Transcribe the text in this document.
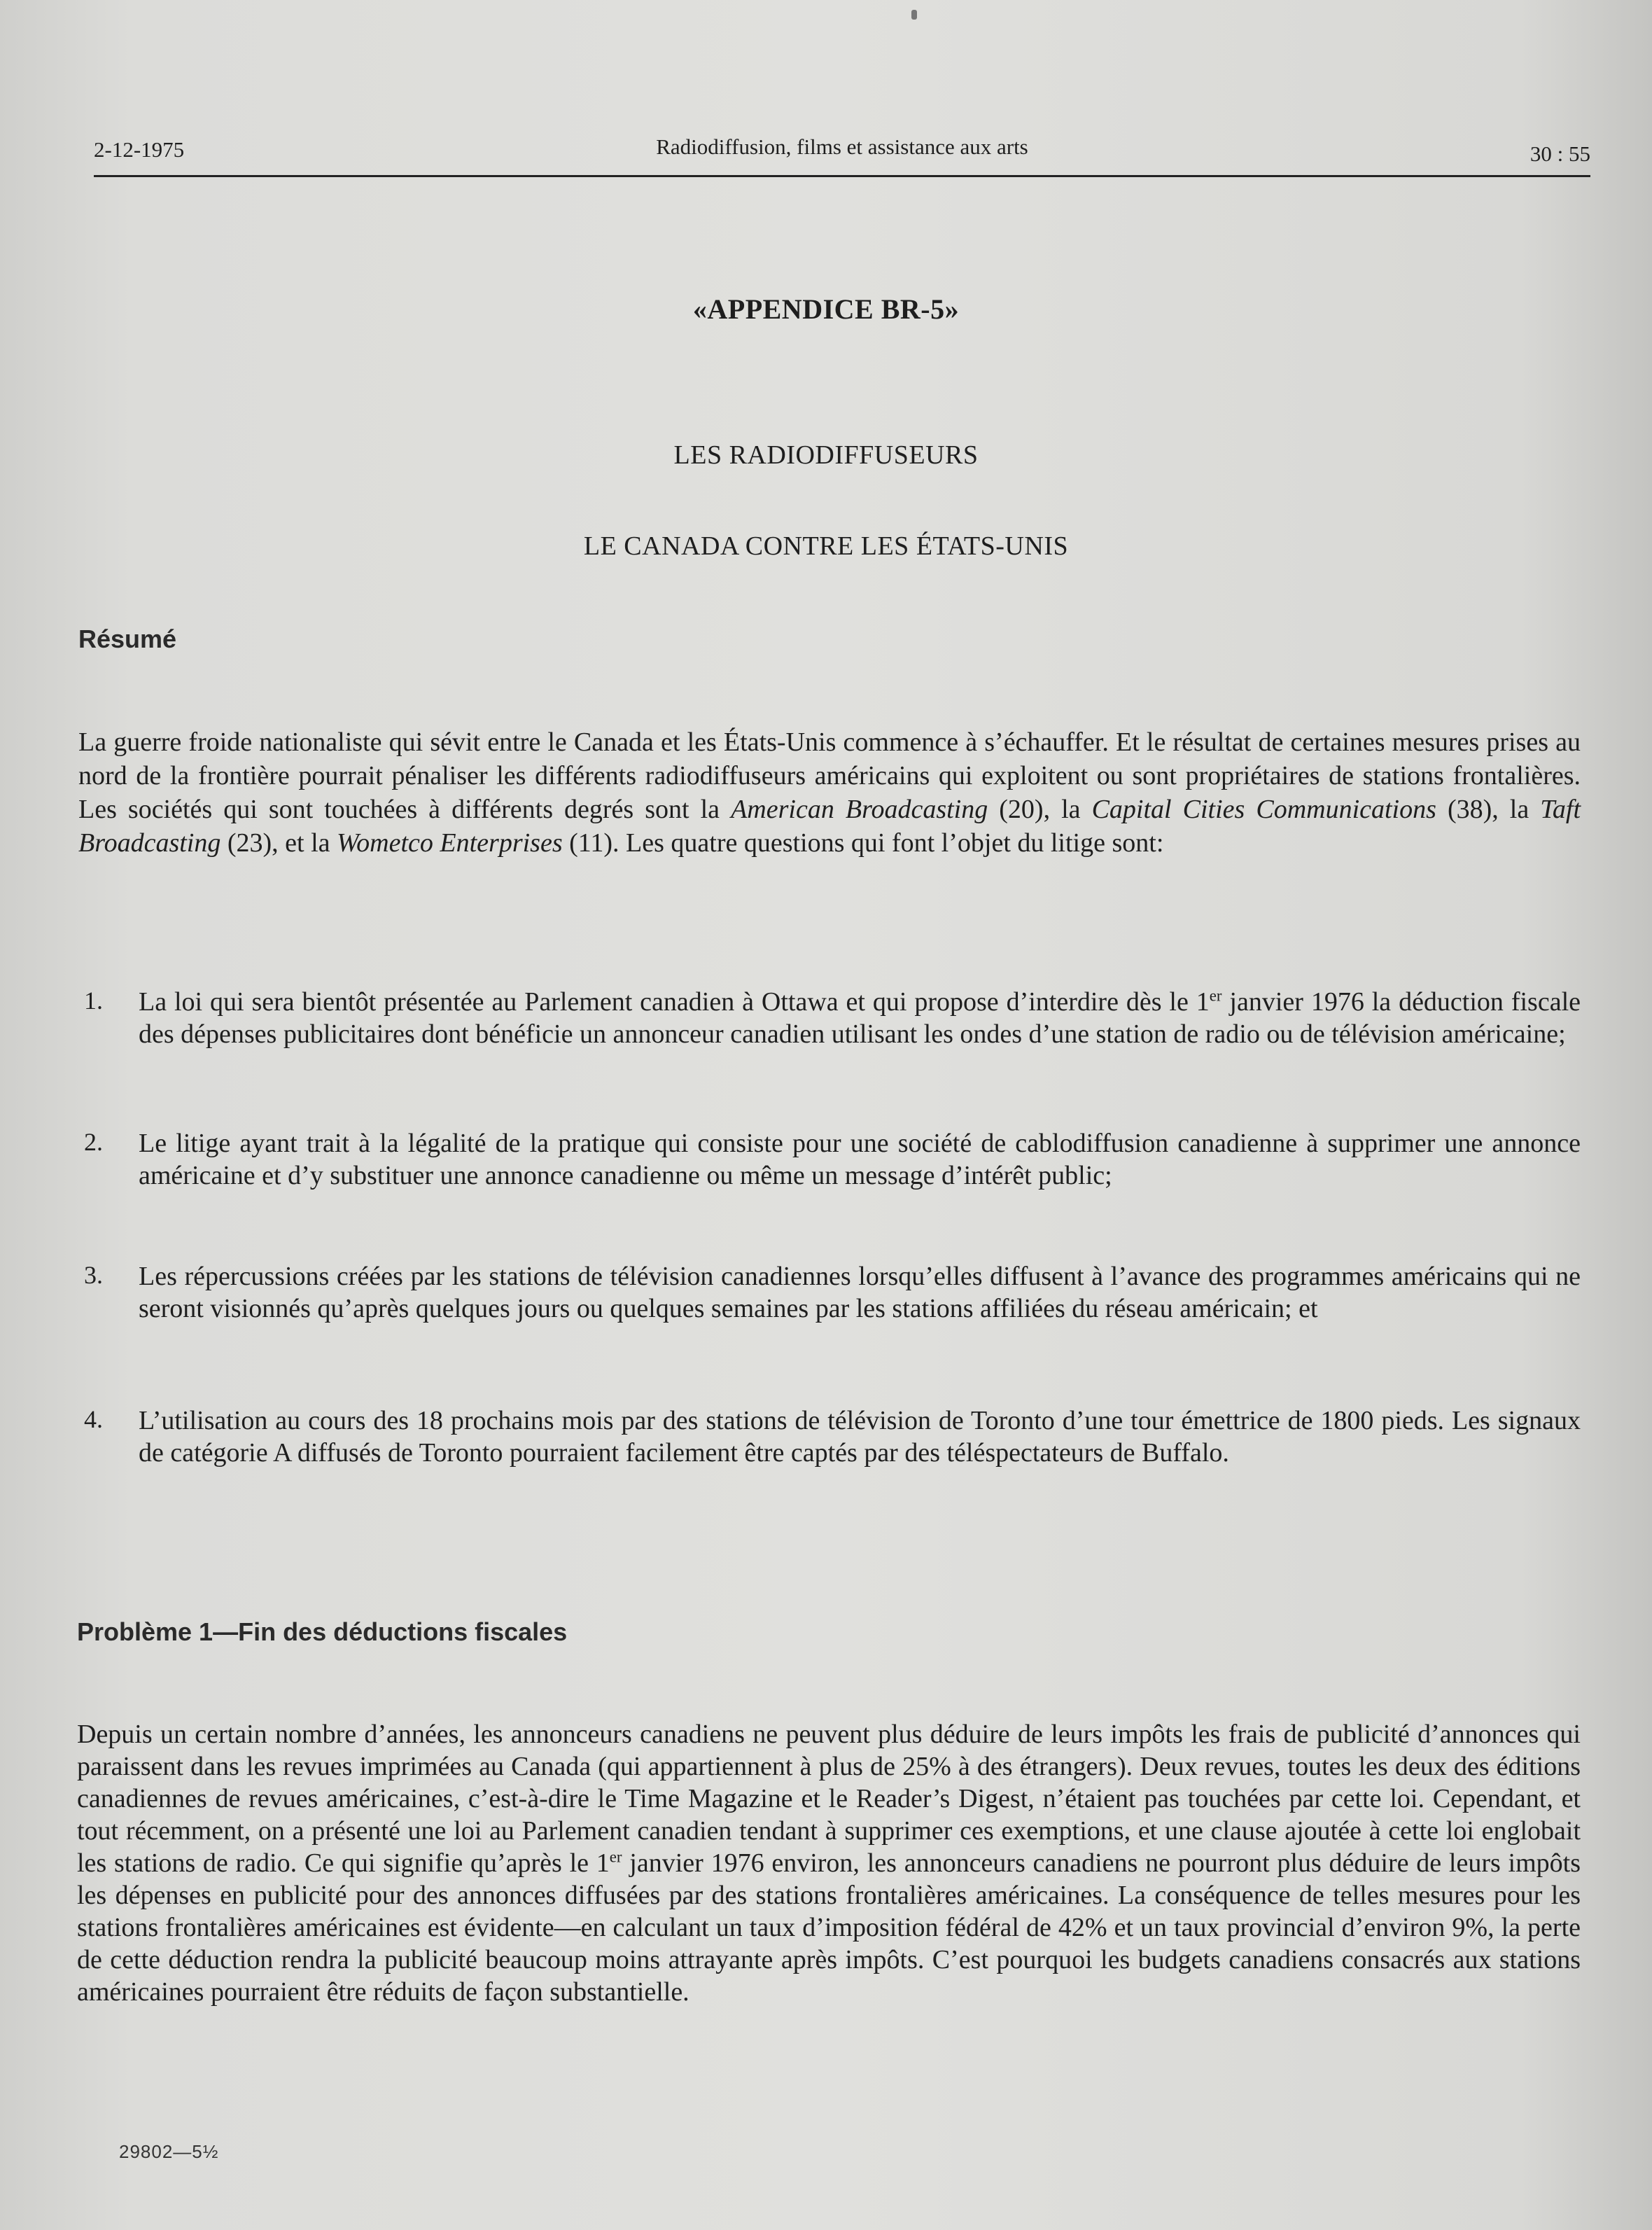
2-12-1975	Radiodiffusion, films et assistance aux arts	30 : 55
«APPENDICE BR-5»
LES RADIODIFFUSEURS
LE CANADA CONTRE LES ÉTATS-UNIS
Résumé
La guerre froide nationaliste qui sévit entre le Canada et les États-Unis commence à s’échauffer. Et le résultat de certaines mesures prises au nord de la frontière pourrait pénaliser les différents radiodiffuseurs américains qui exploitent ou sont propriétaires de stations frontalières. Les sociétés qui sont touchées à différents degrés sont la American Broadcasting (20), la Capital Cities Communications (38), la Taft Broadcasting (23), et la Wometco Enterprises (11). Les quatre questions qui font l’objet du litige sont:
1. La loi qui sera bientôt présentée au Parlement canadien à Ottawa et qui propose d’interdire dès le 1er janvier 1976 la déduction fiscale des dépenses publicitaires dont bénéficie un annonceur canadien utilisant les ondes d’une station de radio ou de télévision américaine;
2. Le litige ayant trait à la légalité de la pratique qui consiste pour une société de cablodiffusion canadienne à supprimer une annonce américaine et d’y substituer une annonce canadienne ou même un message d’intérêt public;
3. Les répercussions créées par les stations de télévision canadiennes lorsqu’elles diffusent à l’avance des programmes américains qui ne seront visionnés qu’après quelques jours ou quelques semaines par les stations affiliées du réseau américain; et
4. L’utilisation au cours des 18 prochains mois par des stations de télévision de Toronto d’une tour émettrice de 1800 pieds. Les signaux de catégorie A diffusés de Toronto pourraient facilement être captés par des téléspectateurs de Buffalo.
Problème 1—Fin des déductions fiscales
Depuis un certain nombre d’années, les annonceurs canadiens ne peuvent plus déduire de leurs impôts les frais de publicité d’annonces qui paraissent dans les revues imprimées au Canada (qui appartiennent à plus de 25% à des étrangers). Deux revues, toutes les deux des éditions canadiennes de revues américaines, c’est-à-dire le Time Magazine et le Reader’s Digest, n’étaient pas touchées par cette loi. Cependant, et tout récemment, on a présenté une loi au Parlement canadien tendant à supprimer ces exemptions, et une clause ajoutée à cette loi englobait les stations de radio. Ce qui signifie qu’après le 1er janvier 1976 environ, les annonceurs canadiens ne pourront plus déduire de leurs impôts les dépenses en publicité pour des annonces diffusées par des stations frontalières américaines. La conséquence de telles mesures pour les stations frontalières américaines est évidente—en calculant un taux d’imposition fédéral de 42% et un taux provincial d’environ 9%, la perte de cette déduction rendra la publicité beaucoup moins attrayante après impôts. C’est pourquoi les budgets canadiens consacrés aux stations américaines pourraient être réduits de façon substantielle.
29802—5½
